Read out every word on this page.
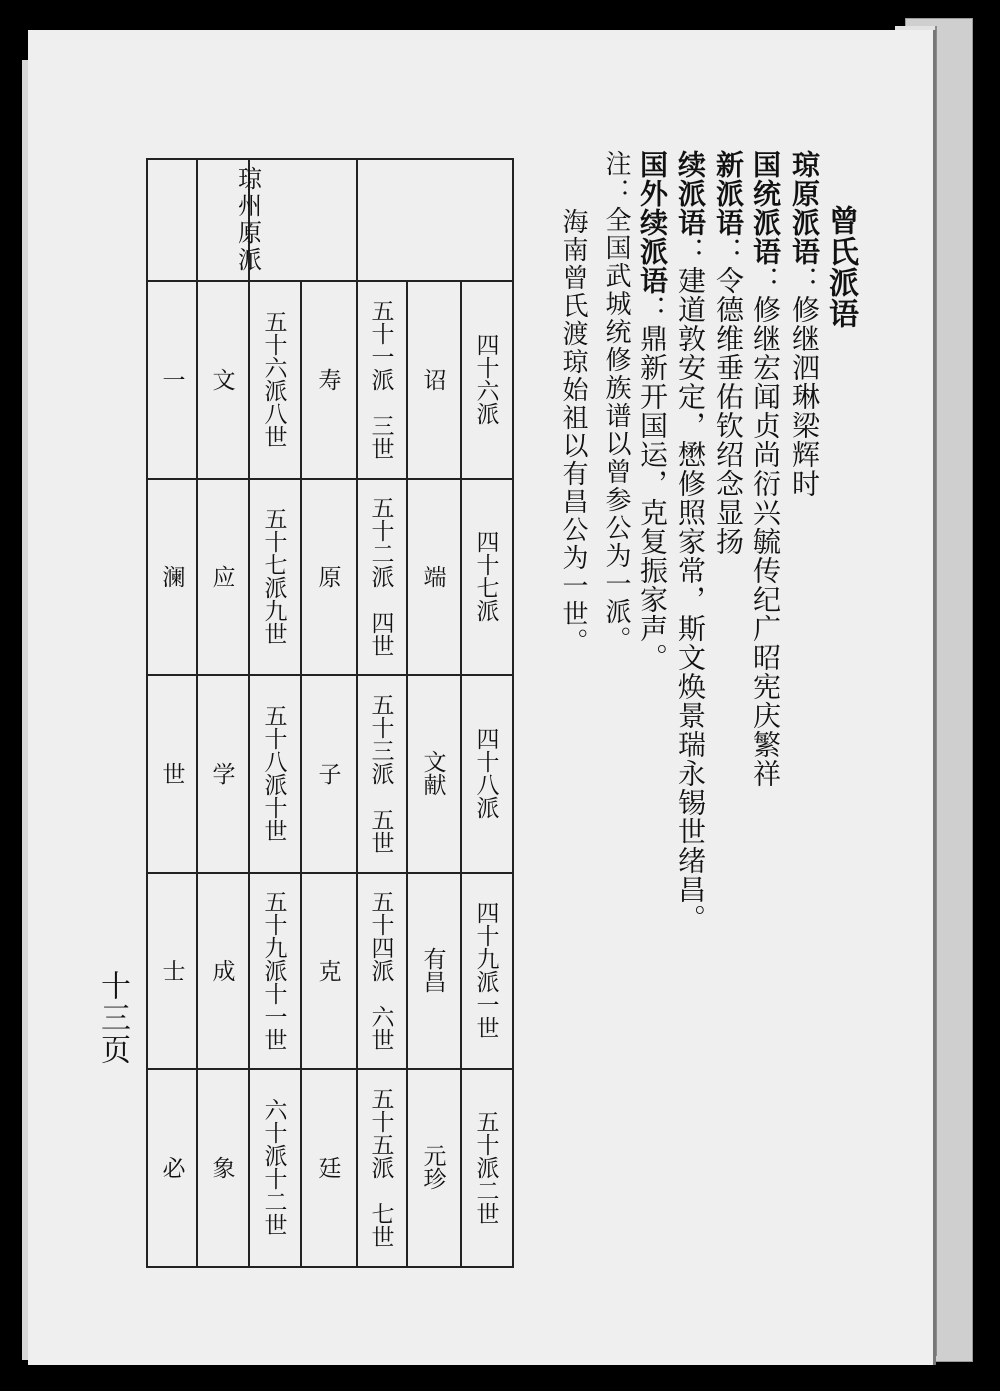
曾氏派语
琼原派语：修继泗琳梁辉时
国统派语：修继宏闻贞尚衍兴毓传纪广昭宪庆繁祥
新派语：令德维垂佑钦绍念显扬
续派语：建道敦安定，懋修照家常，斯文焕景瑞永锡世绪昌。
国外续派语：鼎新开国运，克复振家声。
注：全国武城统修族谱以曾参公为一派。
海南曾氏渡琼始祖以有昌公为一世。
十三页
琼州原派
四十六派
诏
五十一派　三世
寿
五十六派八世
文
一
四十七派
端
五十二派　四世
原
五十七派九世
应
澜
四十八派
文献
五十三派　五世
子
五十八派十世
学
世
四十九派一世
有昌
五十四派　六世
克
五十九派十一世
成
士
五十派二世
元珍
五十五派　七世
廷
六十派十二世
象
必
